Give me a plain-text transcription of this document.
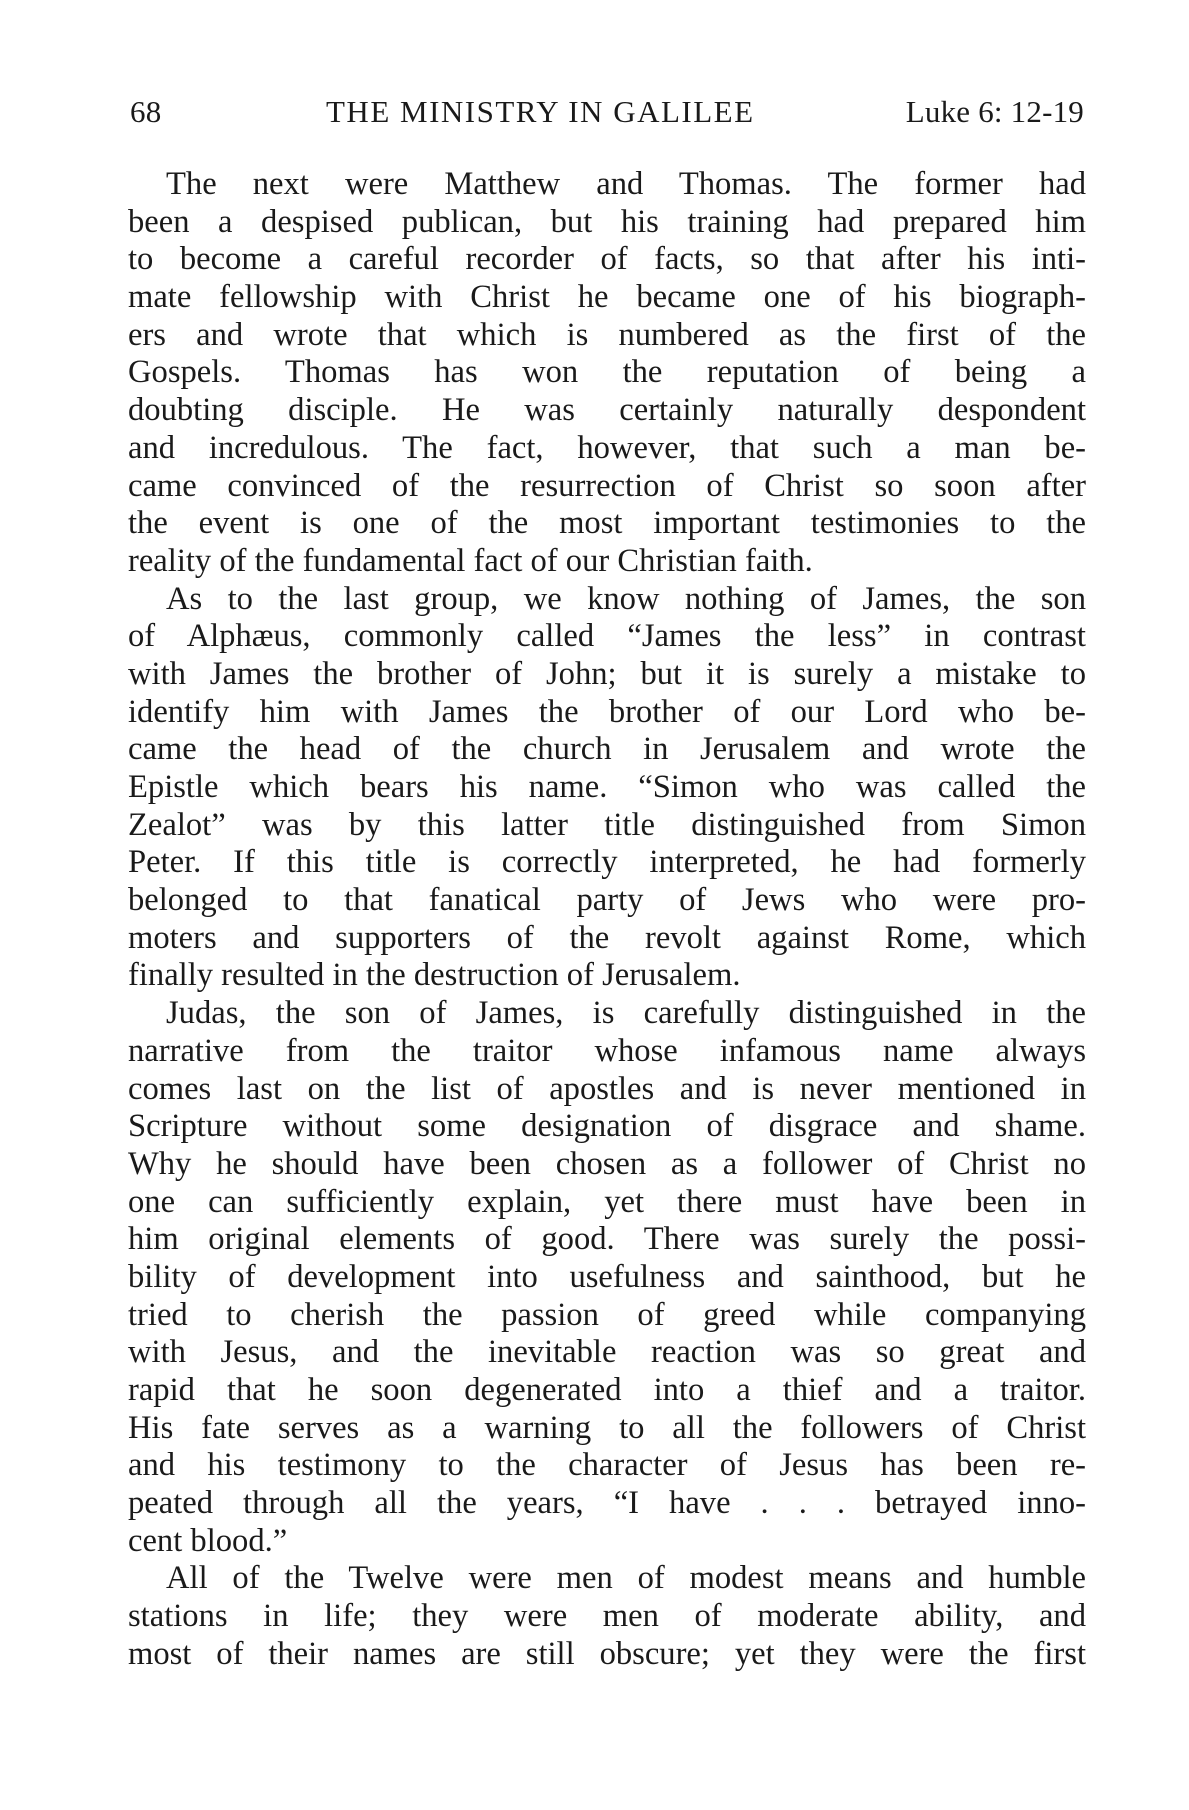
68	THE MINISTRY IN GALILEE	Luke 6: 12-19
The next were Matthew and Thomas. The former had
been a despised publican, but his training had prepared him
to become a careful recorder of facts, so that after his inti-
mate fellowship with Christ he became one of his biograph-
ers and wrote that which is numbered as the first of the
Gospels. Thomas has won the reputation of being a
doubting disciple. He was certainly naturally despondent
and incredulous. The fact, however, that such a man be-
came convinced of the resurrection of Christ so soon after
the event is one of the most important testimonies to the
reality of the fundamental fact of our Christian faith.
As to the last group, we know nothing of James, the son
of Alphæus, commonly called “James the less” in contrast
with James the brother of John; but it is surely a mistake to
identify him with James the brother of our Lord who be-
came the head of the church in Jerusalem and wrote the
Epistle which bears his name. “Simon who was called the
Zealot” was by this latter title distinguished from Simon
Peter. If this title is correctly interpreted, he had formerly
belonged to that fanatical party of Jews who were pro-
moters and supporters of the revolt against Rome, which
finally resulted in the destruction of Jerusalem.
Judas, the son of James, is carefully distinguished in the
narrative from the traitor whose infamous name always
comes last on the list of apostles and is never mentioned in
Scripture without some designation of disgrace and shame.
Why he should have been chosen as a follower of Christ no
one can sufficiently explain, yet there must have been in
him original elements of good. There was surely the possi-
bility of development into usefulness and sainthood, but he
tried to cherish the passion of greed while companying
with Jesus, and the inevitable reaction was so great and
rapid that he soon degenerated into a thief and a traitor.
His fate serves as a warning to all the followers of Christ
and his testimony to the character of Jesus has been re-
peated through all the years, “I have . . . betrayed inno-
cent blood.”
All of the Twelve were men of modest means and humble
stations in life; they were men of moderate ability, and
most of their names are still obscure; yet they were the first
